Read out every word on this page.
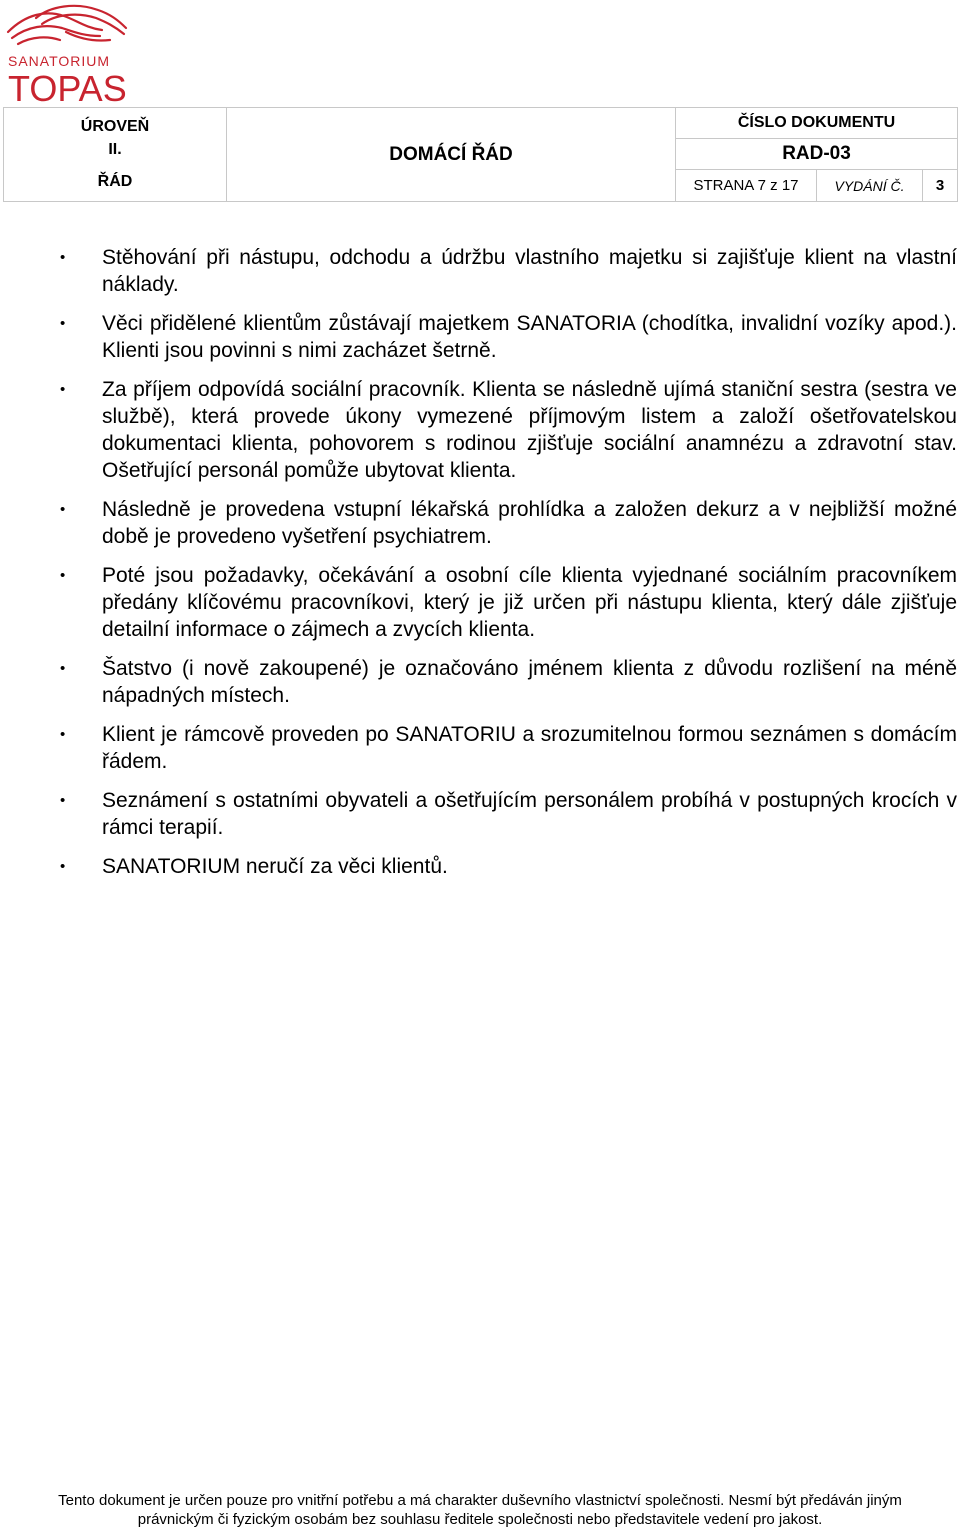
SANATORIUM
TOPAS
ÚROVEŇ
II.
ŘÁD
	DOMÁCÍ ŘÁD	ČÍSLO DOKUMENTU
RAD-03
STRANA 7 z 17		VYDÁNÍ Č.	3
• Stěhování při nástupu, odchodu a údržbu vlastního majetku si zajišťuje klient na vlastní náklady.
• Věci přidělené klientům zůstávají majetkem SANATORIA (chodítka, invalidní vozíky apod.). Klienti jsou povinni s nimi zacházet šetrně.
• Za příjem odpovídá sociální pracovník. Klienta se následně ujímá staniční sestra (sestra ve službě), která provede úkony vymezené příjmovým listem a založí ošetřovatelskou dokumentaci klienta, pohovorem s rodinou zjišťuje sociální anamnézu a zdravotní stav. Ošetřující personál pomůže ubytovat klienta.
• Následně je provedena vstupní lékařská prohlídka a založen dekurz a v nejbližší možné době je provedeno vyšetření psychiatrem.
• Poté jsou požadavky, očekávání a osobní cíle klienta vyjednané sociálním pracovníkem předány klíčovému pracovníkovi, který je již určen při nástupu klienta, který dále zjišťuje detailní informace o zájmech a zvycích klienta.
• Šatstvo (i nově zakoupené) je označováno jménem klienta z důvodu rozlišení na méně nápadných místech.
• Klient je rámcově proveden po SANATORIU a srozumitelnou formou seznámen s domácím řádem.
• Seznámení s ostatními obyvateli a ošetřujícím personálem probíhá v postupných krocích v rámci terapií.
• SANATORIUM neručí za věci klientů.
Tento dokument je určen pouze pro vnitřní potřebu a má charakter duševního vlastnictví společnosti. Nesmí být předáván jiným
právnickým či fyzickým osobám bez souhlasu ředitele společnosti nebo představitele vedení pro jakost.
